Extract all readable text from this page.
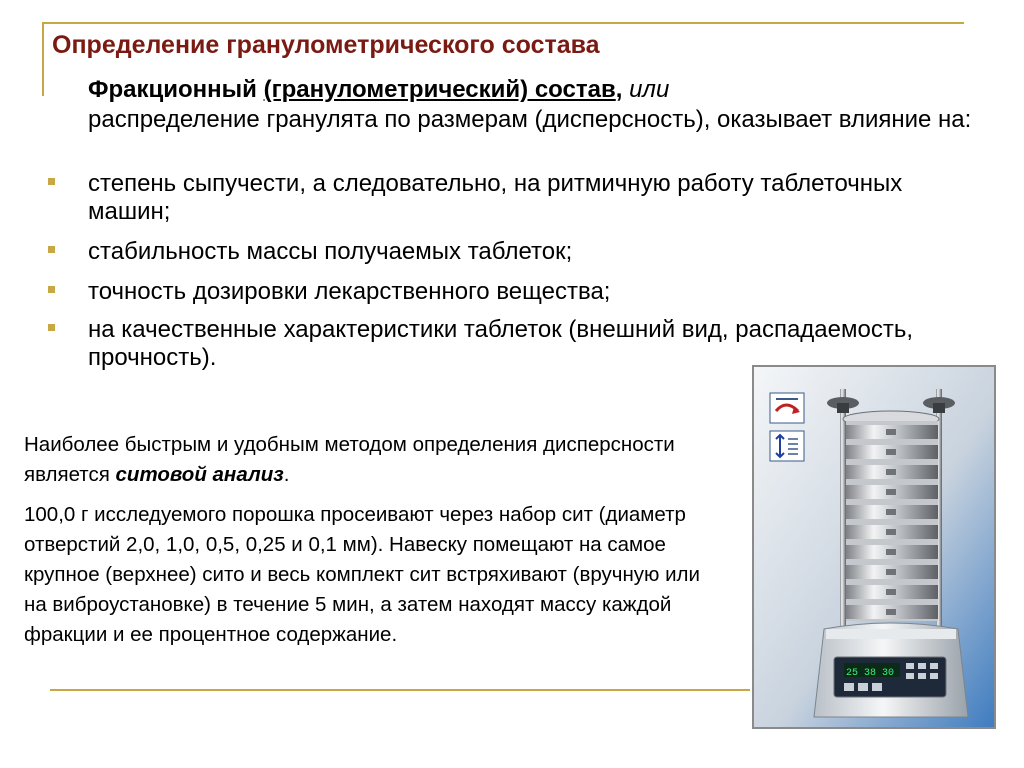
Определение гранулометрического состава
Фракционный (гранулометрический) состав, или
распределение гранулята по размерам (дисперсность), оказывает влияние на:
степень сыпучести, а следовательно, на ритмичную работу таблеточных машин;
стабильность массы получаемых таблеток;
точность дозировки лекарственного вещества;
на качественные характеристики таблеток (внешний вид, распадаемость, прочность).
Наиболее быстрым и удобным методом определения дисперсности является ситовой анализ.
100,0 г исследуемого порошка просеивают через набор сит (диаметр отверстий 2,0, 1,0, 0,5, 0,25 и 0,1 мм). Навеску помещают на самое крупное (верхнее) сито и весь комплект сит встряхивают (вручную или на виброустановке) в течение 5 мин, а затем находят массу каждой фракции и ее процентное содержание.
25 38 30
